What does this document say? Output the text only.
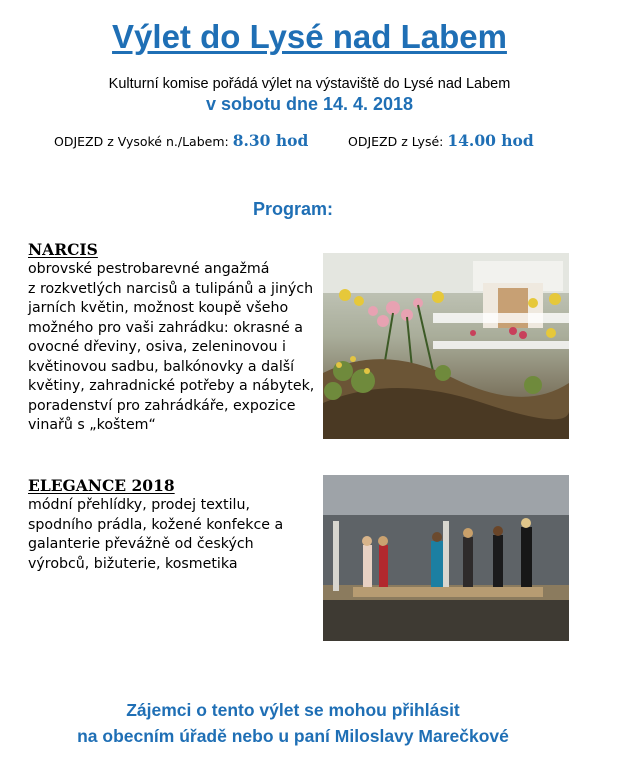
Výlet do Lysé nad Labem
Kulturní komise pořádá výlet na výstaviště do Lysé nad Labem
v sobotu dne 14. 4. 2018
ODJEZD z Vysoké n./Labem: 8.30 hod	ODJEZD z Lysé: 14.00 hod
Program:
NARCIS
obrovské pestrobarevné angažmá
z rozkvetlých narcisů a tulipánů a jiných
jarních květin, možnost koupě všeho
možného pro vaši zahrádku: okrasné a
ovocné dřeviny, osiva, zeleninovou i
květinovou sadbu, balkónovky a další
květiny, zahradnické potřeby a nábytek,
poradenství pro zahrádkáře, expozice
vinařů s „koštem“
ELEGANCE 2018
módní přehlídky, prodej textilu,
spodního prádla, kožené konfekce a
galanterie převážně od českých
výrobců, bižuterie, kosmetika
Zájemci o tento výlet se mohou přihlásit
na obecním úřadě nebo u paní Miloslavy Marečkové
